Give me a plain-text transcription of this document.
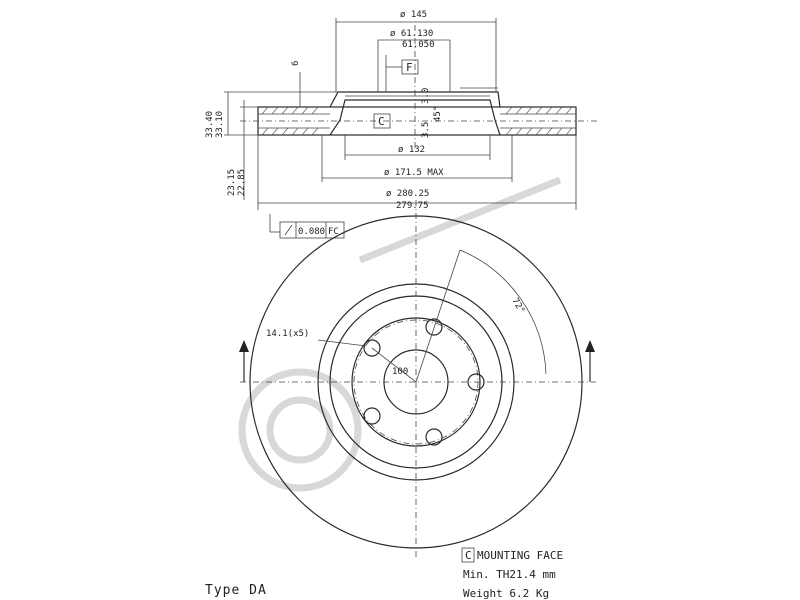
ø 145
ø 61.130
61.050
F
C
6
3.5
45°
3.0
33.40 33.10
23.15 22.85
ø 132
ø 171.5 MAX
ø 280.25
279.75
0.080 FC
72°
14.1(x5)
100
C MOUNTING FACE
Min. TH21.4 mm
Weight 6.2 Kg
Type DA
